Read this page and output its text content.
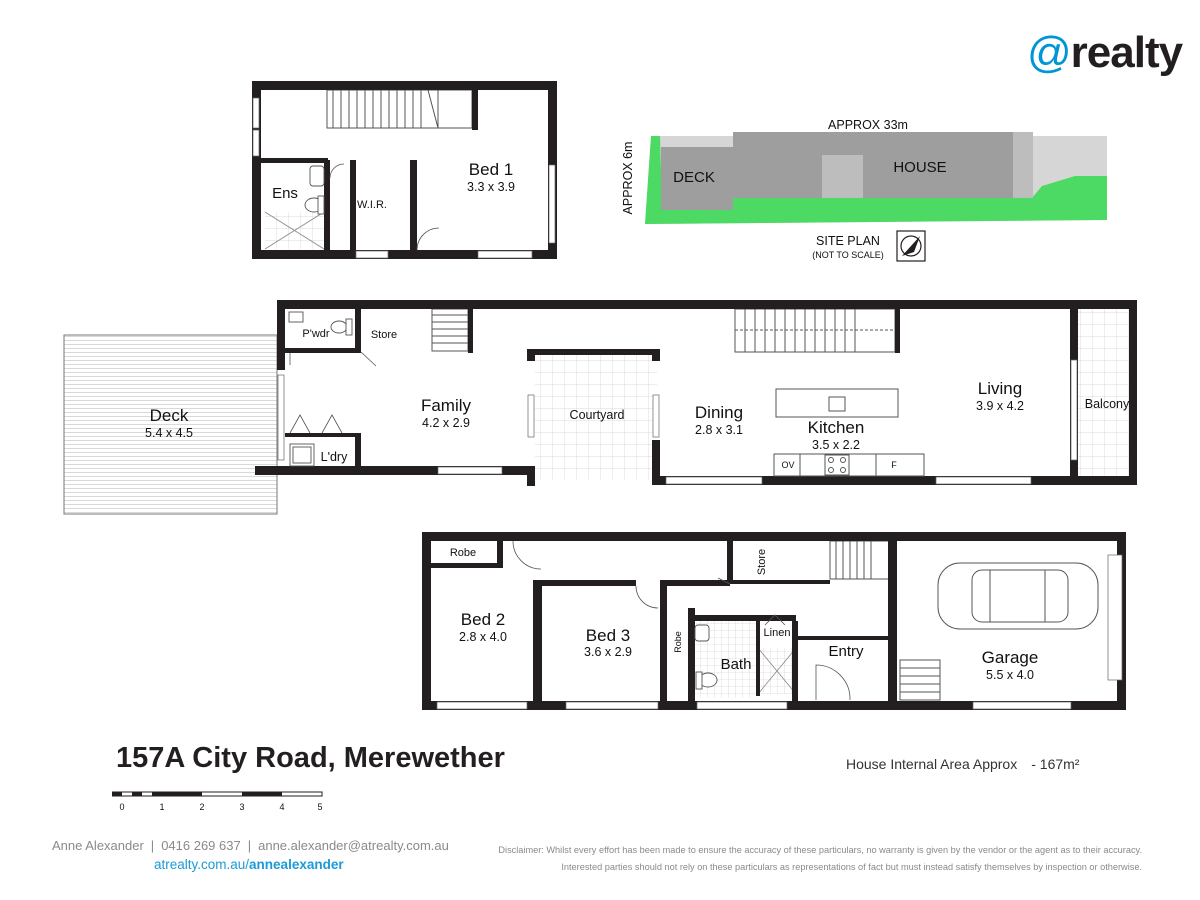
Bed 1
3.3 x 3.9
Ens
W.I.R.
APPROX 33m
APPROX 6m	DECK
HOUSE
SITE PLAN
(NOT TO SCALE)
Deck
5.4 x 4.5
P'wdr	Store
Family
4.2 x 2.9
L'dry
Courtyard	Dining
2.8 x 3.1	Kitchen
3.5 x 2.2
OV	F
Living
3.9 x 4.2	Balcony
Robe
Bed 2
2.8 x 4.0	Bed 3
3.6 x 2.9	Robe
Store
Bath
Linen
Entry	Garage
5.5 x 4.0
@realty
157A City Road, Merewether	House Internal Area Approx - 167m²
0	1	2	3	4	5
Anne Alexander | 0416 269 637 | anne.alexander@atrealty.com.au
atrealty.com.au/annealexander
Disclaimer: Whilst every effort has been made to ensure the accuracy of these particulars, no warranty is given by the vendor or the agent as to their accuracy.
Interested parties should not rely on these particulars as representations of fact but must instead satisfy themselves by inspection or otherwise.
